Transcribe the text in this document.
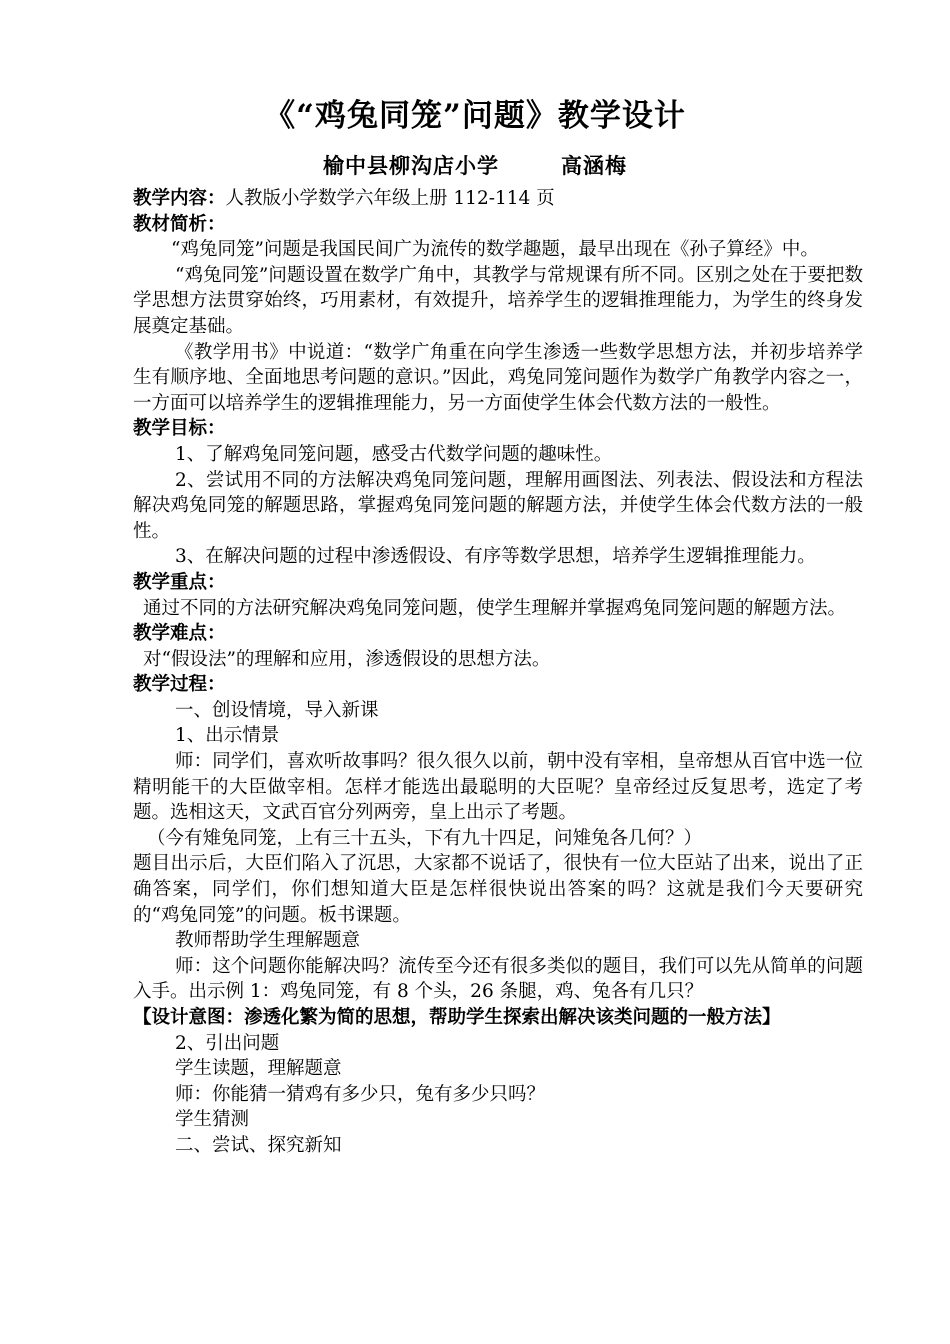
《“鸡兔同笼”问题》教学设计
榆中县柳沟店小学	高涵梅

教学内容：人教版小学数学六年级上册 112-114 页

教材简析：

“鸡兔同笼”问题是我国民间广为流传的数学趣题，最早出现在《孙子算经》中。

“鸡兔同笼”问题设置在数学广角中，其教学与常规课有所不同。区别之处在于要把数学思想方法贯穿始终，巧用素材，有效提升，培养学生的逻辑推理能力，为学生的终身发展奠定基础。

《教学用书》中说道：“数学广角重在向学生渗透一些数学思想方法，并初步培养学生有顺序地、全面地思考问题的意识。”因此，鸡兔同笼问题作为数学广角教学内容之一，一方面可以培养学生的逻辑推理能力，另一方面使学生体会代数方法的一般性。

教学目标：

1、了解鸡兔同笼问题，感受古代数学问题的趣味性。

2、尝试用不同的方法解决鸡兔同笼问题，理解用画图法、列表法、假设法和方程法解决鸡兔同笼的解题思路，掌握鸡兔同笼问题的解题方法，并使学生体会代数方法的一般性。

3、在解决问题的过程中渗透假设、有序等数学思想，培养学生逻辑推理能力。

教学重点：

通过不同的方法研究解决鸡兔同笼问题，使学生理解并掌握鸡兔同笼问题的解题方法。

教学难点：

对“假设法”的理解和应用，渗透假设的思想方法。

教学过程：

一、创设情境，导入新课

1、出示情景

师：同学们，喜欢听故事吗？很久很久以前，朝中没有宰相，皇帝想从百官中选一位精明能干的大臣做宰相。怎样才能选出最聪明的大臣呢？皇帝经过反复思考，选定了考题。选相这天，文武百官分列两旁，皇上出示了考题。

（今有雉兔同笼，上有三十五头，下有九十四足，问雉兔各几何？）

题目出示后，大臣们陷入了沉思，大家都不说话了，很快有一位大臣站了出来，说出了正确答案，同学们，你们想知道大臣是怎样很快说出答案的吗？这就是我们今天要研究的“鸡兔同笼”的问题。板书课题。

教师帮助学生理解题意

师：这个问题你能解决吗？流传至今还有很多类似的题目，我们可以先从简单的问题入手。出示例 1：鸡兔同笼，有 8 个头，26 条腿，鸡、兔各有几只？

【设计意图：渗透化繁为简的思想，帮助学生探索出解决该类问题的一般方法】

2、引出问题

学生读题，理解题意

师：你能猜一猜鸡有多少只，兔有多少只吗？

学生猜测

二、尝试、探究新知
